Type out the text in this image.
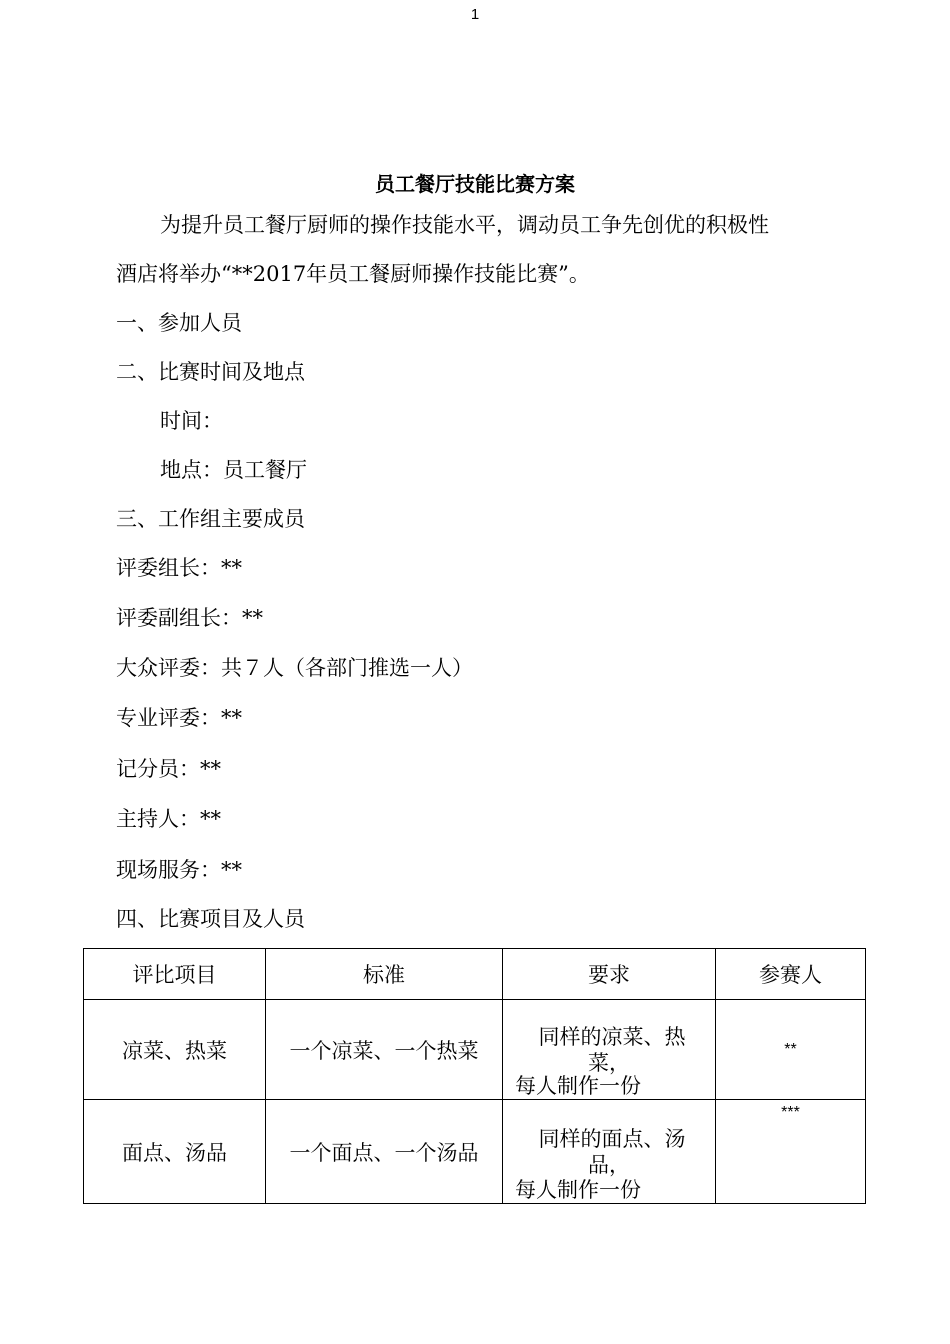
1
员工餐厅技能比赛方案
为提升员工餐厅厨师的操作技能水平，调动员工争先创优的积极性
酒店将举办“**2017年员工餐厨师操作技能比赛”。
一、参加人员
二、比赛时间及地点
时间：
地点：员工餐厅
三、工作组主要成员
评委组长：**
评委副组长：**
大众评委：共７人（各部门推选一人）
专业评委：**
记分员：**
主持人：**
现场服务：**
四、比赛项目及人员
评比项目	标准	要求	参赛人
凉菜、热菜	一个凉菜、一个热菜	同样的凉菜、热
菜，
每人制作一份	**
面点、汤品	一个面点、一个汤品	同样的面点、汤
品，
每人制作一份	***
